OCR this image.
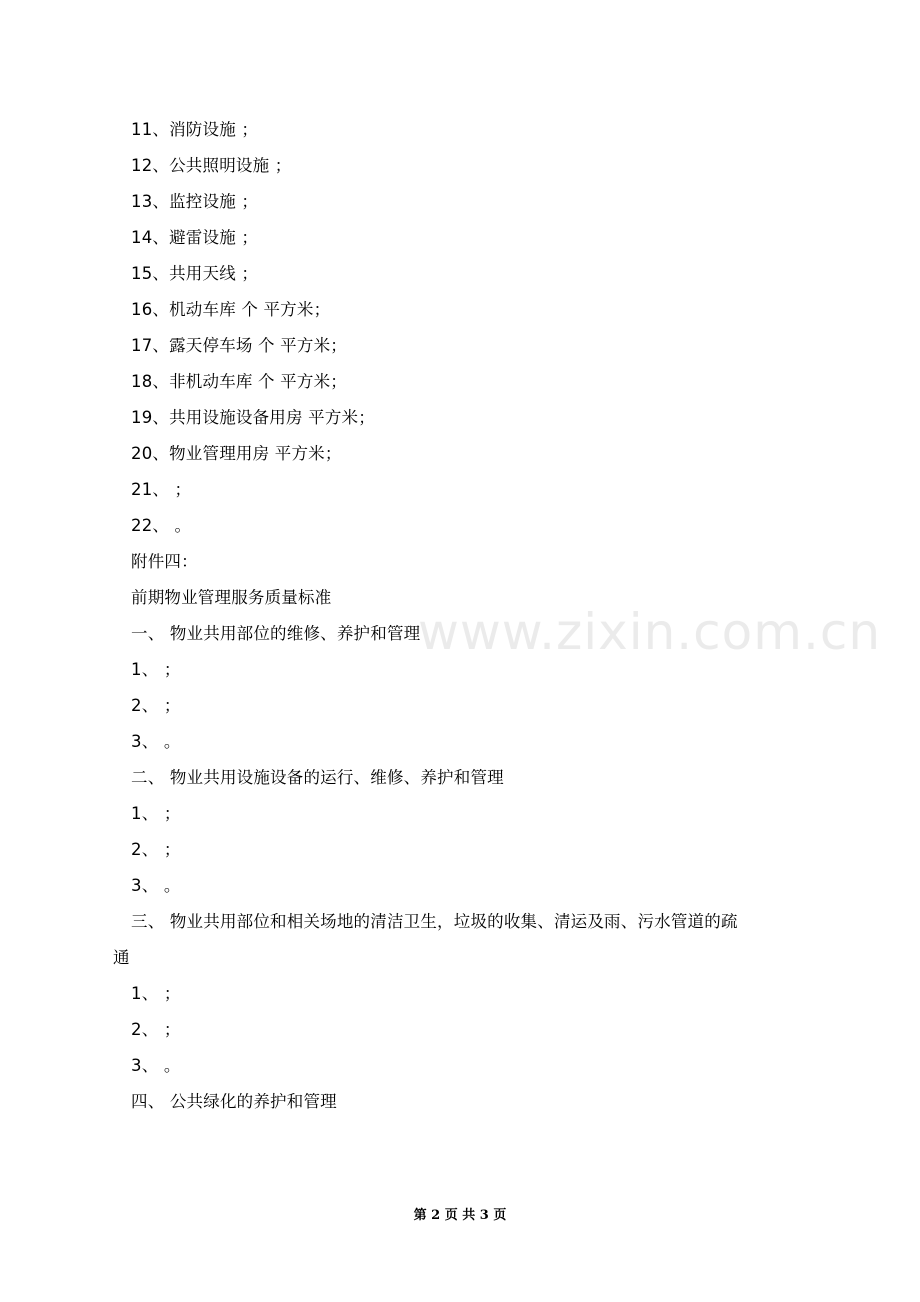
www.zixin.com.cn
11、消防设施 ；
12、公共照明设施 ；
13、监控设施 ；
14、避雷设施 ；
15、共用天线 ；
16、机动车库 个 平方米；
17、露天停车场 个 平方米；
18、非机动车库 个 平方米；
19、共用设施设备用房 平方米；
20、物业管理用房 平方米；
21、 ；
22、 。
附件四：
前期物业管理服务质量标准
一、 物业共用部位的维修、养护和管理
1、 ；
2、 ；
3、 。
二、 物业共用设施设备的运行、维修、养护和管理
1、 ；
2、 ；
3、 。
三、 物业共用部位和相关场地的清洁卫生，垃圾的收集、清运及雨、污水管道的疏
通
1、 ；
2、 ；
3、 。
四、 公共绿化的养护和管理
第 2 页 共 3 页
